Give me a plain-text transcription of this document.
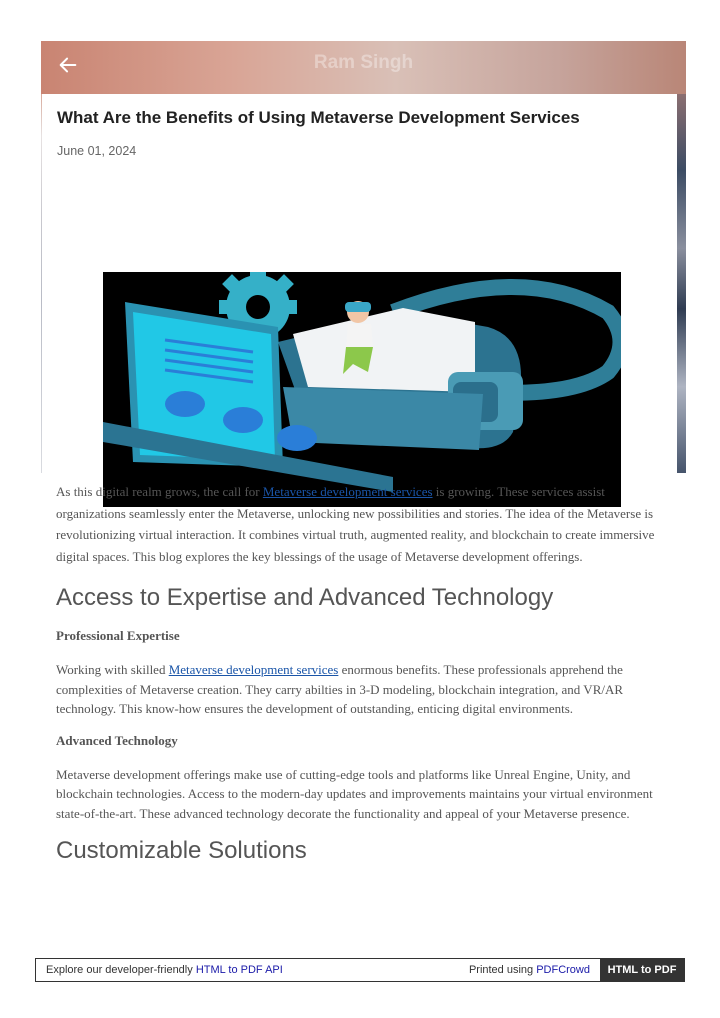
Ram Singh
What Are the Benefits of Using Metaverse Development Services
June 01, 2024

As this digital realm grows, the call for Metaverse development services is growing. These services assist organizations seamlessly enter the Metaverse, unlocking new possibilities and stories. The idea of the Metaverse is revolutionizing virtual interaction. It combines virtual truth, augmented reality, and blockchain to create immersive digital spaces. This blog explores the key blessings of the usage of Metaverse development offerings.

Access to Expertise and Advanced Technology
Professional Expertise

Working with skilled Metaverse development services enormous benefits. These professionals apprehend the complexities of Metaverse creation. They carry abilties in 3-D modeling, blockchain integration, and VR/AR technology. This know-how ensures the development of outstanding, enticing digital environments.

Advanced Technology

Metaverse development offerings make use of cutting-edge tools and platforms like Unreal Engine, Unity, and blockchain technologies. Access to the modern-day updates and improvements maintains your virtual environment state-of-the-art. These advanced technology decorate the functionality and appeal of your Metaverse presence.

Customizable Solutions
Explore our developer-friendly HTML to PDF API	Printed using PDFCrowd	HTML to PDF
